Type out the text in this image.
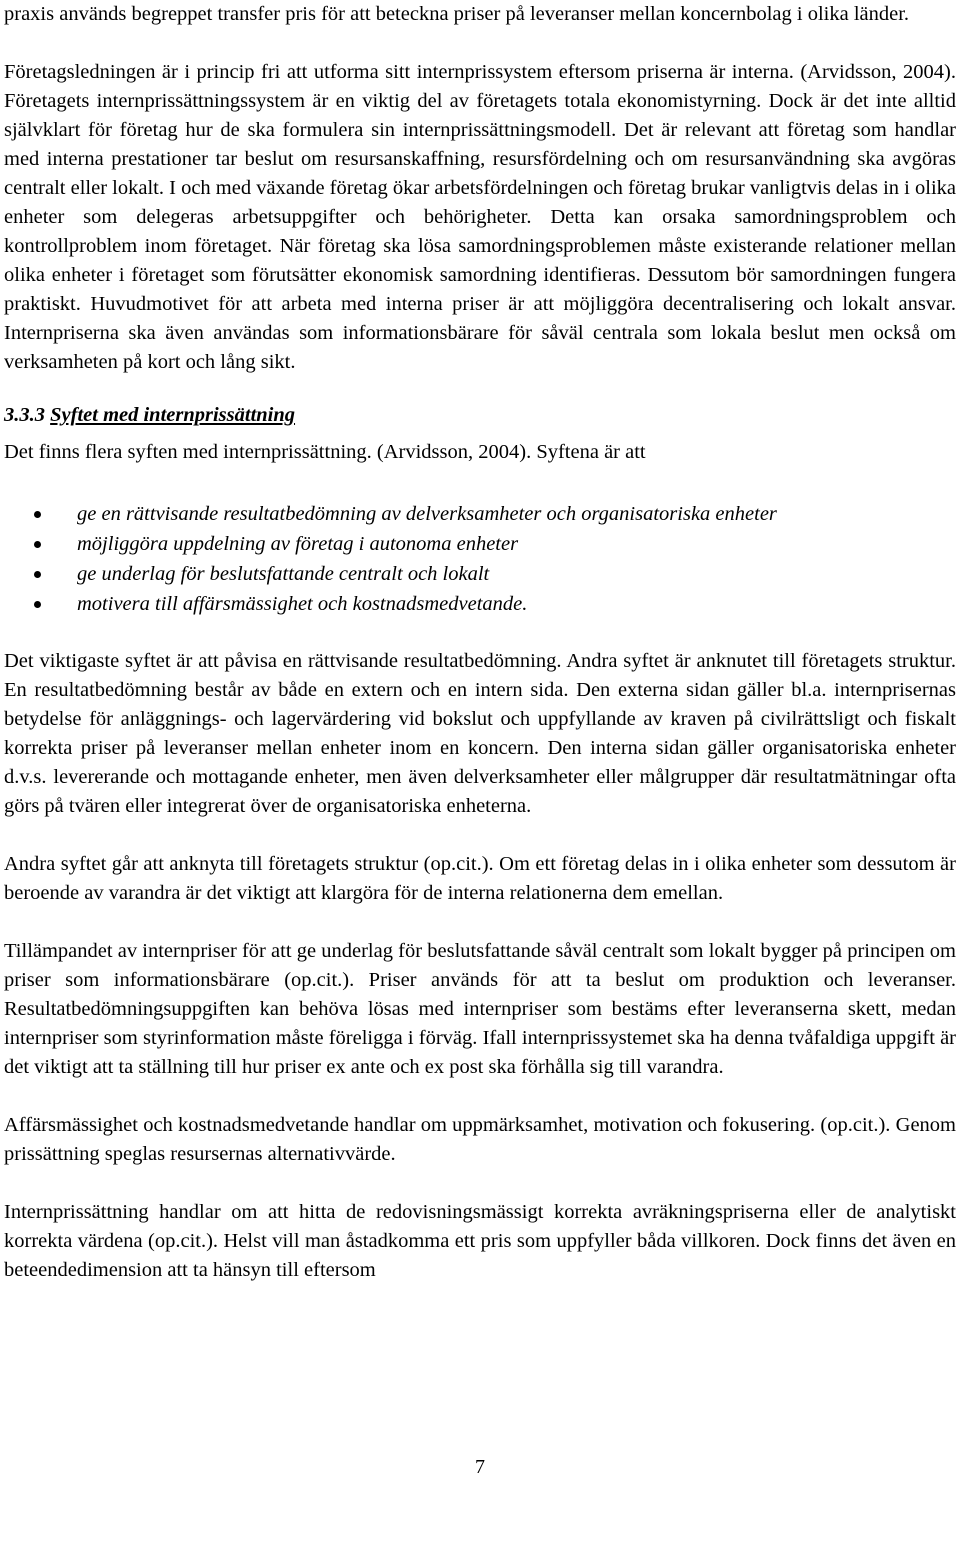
praxis används begreppet transfer pris för att beteckna priser på leveranser mellan koncernbolag i olika länder.

Företagsledningen är i princip fri att utforma sitt internprissystem eftersom priserna är interna. (Arvidsson, 2004). Företagets internprissättningssystem är en viktig del av företagets totala ekonomistyrning. Dock är det inte alltid självklart för företag hur de ska formulera sin internprissättningsmodell. Det är relevant att företag som handlar med interna prestationer tar beslut om resursanskaffning, resursfördelning och om resursanvändning ska avgöras centralt eller lokalt. I och med växande företag ökar arbetsfördelningen och företag brukar vanligtvis delas in i olika enheter som delegeras arbetsuppgifter och behörigheter. Detta kan orsaka samordningsproblem och kontrollproblem inom företaget. När företag ska lösa samordningsproblemen måste existerande relationer mellan olika enheter i företaget som förutsätter ekonomisk samordning identifieras. Dessutom bör samordningen fungera praktiskt. Huvudmotivet för att arbeta med interna priser är att möjliggöra decentralisering och lokalt ansvar. Internpriserna ska även användas som informationsbärare för såväl centrala som lokala beslut men också om verksamheten på kort och lång sikt.

3.3.3 Syftet med internprissättning

Det finns flera syften med internprissättning. (Arvidsson, 2004). Syftena är att

ge en rättvisande resultatbedömning av delverksamheter och organisatoriska enheter
möjliggöra uppdelning av företag i autonoma enheter
ge underlag för beslutsfattande centralt och lokalt
motivera till affärsmässighet och kostnadsmedvetande.

Det viktigaste syftet är att påvisa en rättvisande resultatbedömning. Andra syftet är anknutet till företagets struktur. En resultatbedömning består av både en extern och en intern sida. Den externa sidan gäller bl.a. internprisernas betydelse för anläggnings- och lagervärdering vid bokslut och uppfyllande av kraven på civilrättsligt och fiskalt korrekta priser på leveranser mellan enheter inom en koncern. Den interna sidan gäller organisatoriska enheter d.v.s. levererande och mottagande enheter, men även delverksamheter eller målgrupper där resultatmätningar ofta görs på tvären eller integrerat över de organisatoriska enheterna.

Andra syftet går att anknyta till företagets struktur (op.cit.). Om ett företag delas in i olika enheter som dessutom är beroende av varandra är det viktigt att klargöra för de interna relationerna dem emellan.

Tillämpandet av internpriser för att ge underlag för beslutsfattande såväl centralt som lokalt bygger på principen om priser som informationsbärare (op.cit.). Priser används för att ta beslut om produktion och leveranser. Resultatbedömningsuppgiften kan behöva lösas med internpriser som bestäms efter leveranserna skett, medan internpriser som styrinformation måste föreligga i förväg. Ifall internprissystemet ska ha denna tvåfaldiga uppgift är det viktigt att ta ställning till hur priser ex ante och ex post ska förhålla sig till varandra.

Affärsmässighet och kostnadsmedvetande handlar om uppmärksamhet, motivation och fokusering. (op.cit.). Genom prissättning speglas resursernas alternativvärde.

Internprissättning handlar om att hitta de redovisningsmässigt korrekta avräkningspriserna eller de analytiskt korrekta värdena (op.cit.). Helst vill man åstadkomma ett pris som uppfyller båda villkoren. Dock finns det även en beteendedimension att ta hänsyn till eftersom

7
